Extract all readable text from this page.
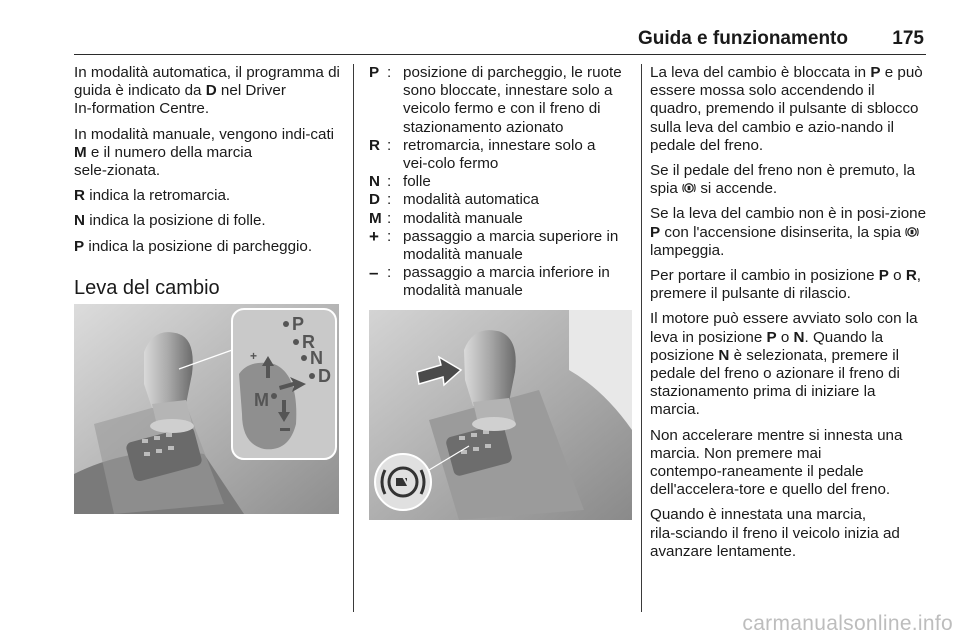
Guida e funzionamento 175

In modalità automatica, il programma di guida è indicato da D nel Driver In‑formation Centre.

In modalità manuale, vengono indi‑cati M e il numero della marcia sele‑zionata.

R indica la retromarcia.

N indica la posizione di folle.

P indica la posizione di parcheggio.

Leva del cambio
P
R
N
D
M
+
P : posizione di parcheggio, le ruote sono bloccate, innestare solo a veicolo fermo e con il freno di stazionamento azionato
R : retromarcia, innestare solo a vei‑colo fermo
N : folle
D : modalità automatica
M : modalità manuale
+ : passaggio a marcia superiore in modalità manuale
– : passaggio a marcia inferiore in modalità manuale

La leva del cambio è bloccata in P e può essere mossa solo accendendo il quadro, premendo il pulsante di sblocco sulla leva del cambio e azio‑nando il pedale del freno.

Se il pedale del freno non è premuto, la spia  si accende.

Se la leva del cambio non è in posi‑zione P con l'accensione disinserita, la spia  lampeggia.

Per portare il cambio in posizione P o R, premere il pulsante di rilascio.

Il motore può essere avviato solo con la leva in posizione P o N. Quando la posizione N è selezionata, premere il pedale del freno o azionare il freno di stazionamento prima di iniziare la marcia.

Non accelerare mentre si innesta una marcia. Non premere mai contempo‑raneamente il pedale dell'accelera‑tore e quello del freno.

Quando è innestata una marcia, rila‑sciando il freno il veicolo inizia ad avanzare lentamente.

carmanualsonline.info
